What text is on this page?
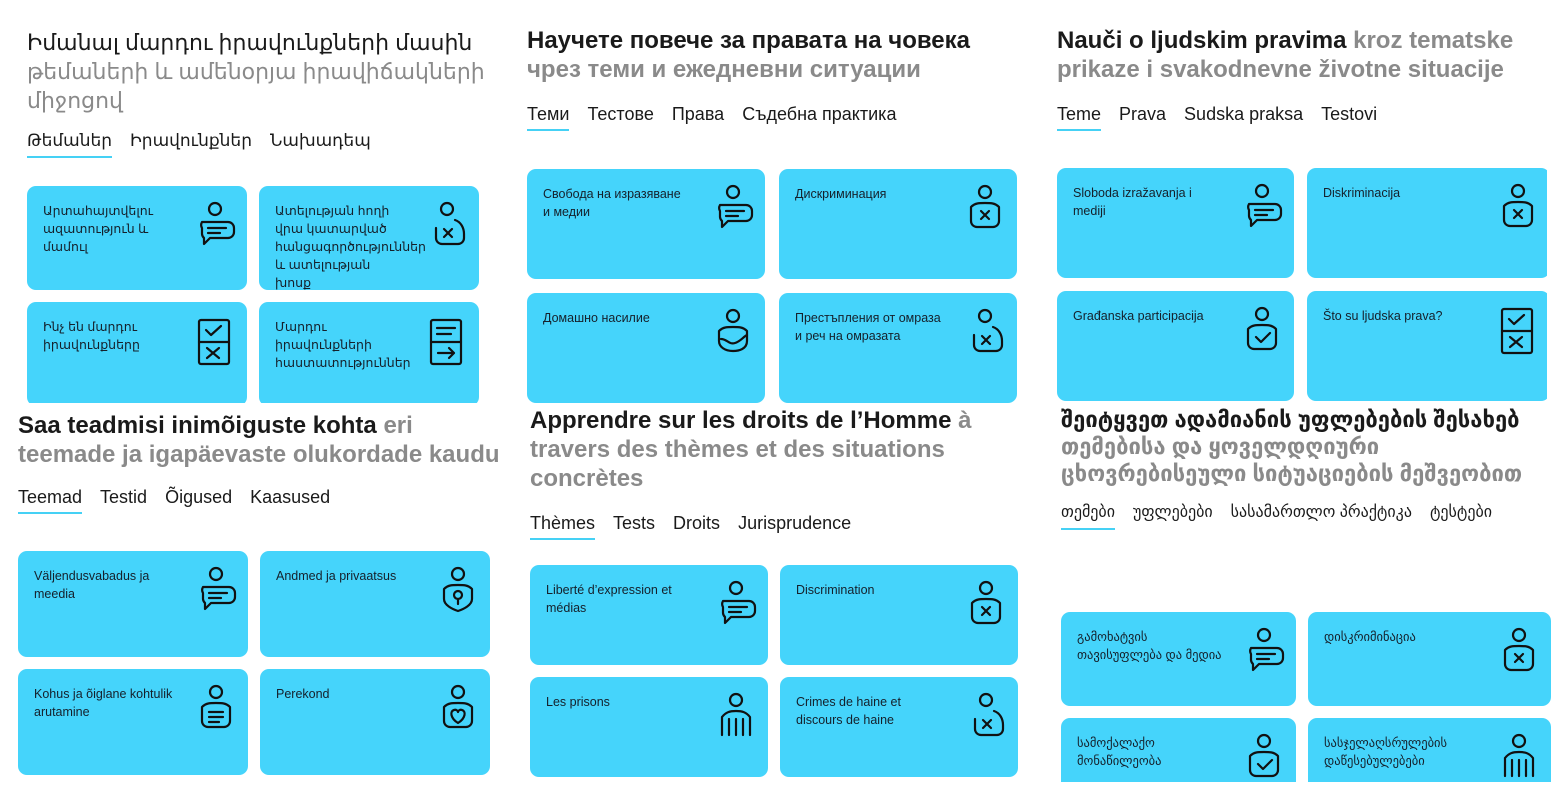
Իմանալ մարդու իրավունքների մասին թեմաների և ամենօրյա իրավիճակների միջոցով
Թեմաներ Իրավունքներ Նախադեպ
Արտահայտվելու ազատություն և մամուլ
Ատելության հողի վրա կատարված հանցագործություններ և ատելության խոսք
Ինչ են մարդու իրավունքները
Մարդու իրավունքների հաստատություններ
Научете повече за правата на човека
чрез теми и ежедневни ситуации
Теми Тестове Права Съдебна практика
Свобода на изразяване и медии
Дискриминация
Домашно насилие	Престъпления от омраза и реч на омразата
Nauči o ljudskim pravima kroz tematske prikaze i svakodnevne životne situacije
Teme Prava Sudska praksa Testovi
Sloboda izražavanja i mediji
Diskriminacija
Građanska participacija	Što su ljudska prava?
Saa teadmisi inimõiguste kohta eri teemade ja igapäevaste olukordade kaudu
Teemad Testid Õigused Kaasused
Väljendusvabadus ja meedia
Andmed ja privaatsus
Kohus ja õiglane kohtulik arutamine
Perekond
Apprendre sur les droits de l’Homme à travers des thèmes et des situations concrètes
Thèmes Tests Droits Jurisprudence
Liberté d’expression et médias
Discrimination
Les prisons	Crimes de haine et discours de haine
შეიტყვეთ ადამიანის უფლებების შესახებ თემებისა და ყოველდღიური ცხოვრებისეული სიტუაციების მეშვეობით
თემები უფლებები სასამართლო პრაქტიკა ტესტები
გამოხატვის თავისუფლება და მედია
დისკრიმინაცია
სამოქალაქო მონაწილეობა
სასჯელაღსრულების დაწესებულებები
